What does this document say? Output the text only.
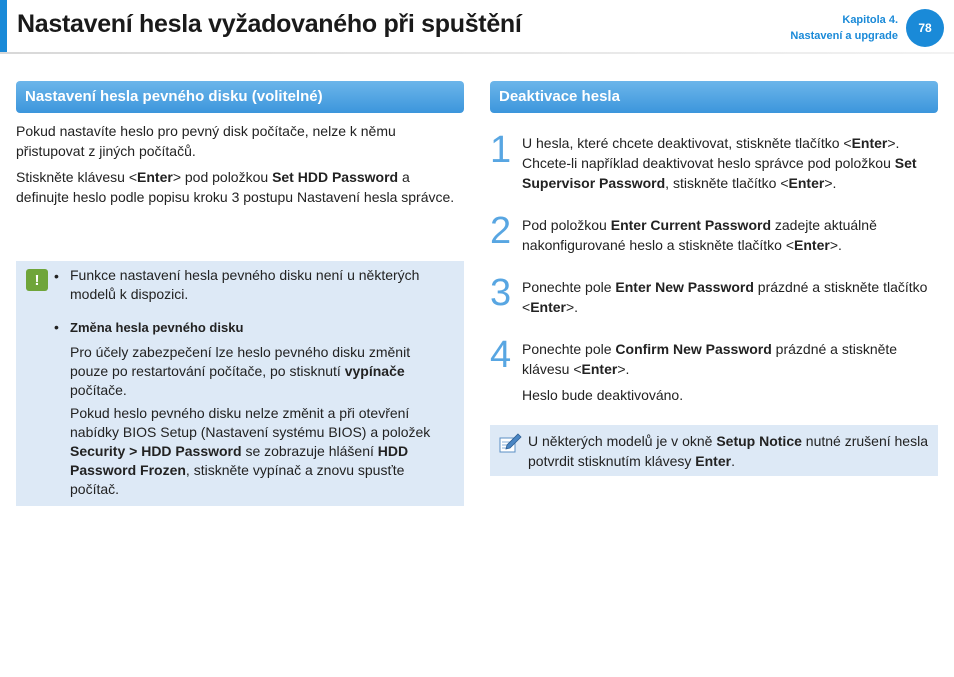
Nastavení hesla vyžadovaného při spuštění	Kapitola 4.
Nastavení a upgrade
78
Nastavení hesla pevného disku (volitelné)
Pokud nastavíte heslo pro pevný disk počítače, nelze k němu přistupovat z jiných počítačů.
Stiskněte klávesu <Enter> pod položkou Set HDD Password a definujte heslo podle popisu kroku 3 postupu Nastavení hesla správce.
!	• Funkce nastavení hesla pevného disku není u některých modelů k dispozici.
• Změna hesla pevného disku
Pro účely zabezpečení lze heslo pevného disku změnit pouze po restartování počítače, po stisknutí vypínače počítače.
Pokud heslo pevného disku nelze změnit a při otevření nabídky BIOS Setup (Nastavení systému BIOS) a položek Security > HDD Password se zobrazuje hlášení HDD Password Frozen, stiskněte vypínač a znovu spusťte počítač.
Deaktivace hesla
1 U hesla, které chcete deaktivovat, stiskněte tlačítko <Enter>. Chcete-li například deaktivovat heslo správce pod položkou Set Supervisor Password, stiskněte tlačítko <Enter>.
2 Pod položkou Enter Current Password zadejte aktuálně nakonfigurované heslo a stiskněte tlačítko <Enter>.
3 Ponechte pole Enter New Password prázdné a stiskněte tlačítko <Enter>.
4 Ponechte pole Confirm New Password prázdné a stiskněte klávesu <Enter>.
Heslo bude deaktivováno.
U některých modelů je v okně Setup Notice nutné zrušení hesla potvrdit stisknutím klávesy Enter.
